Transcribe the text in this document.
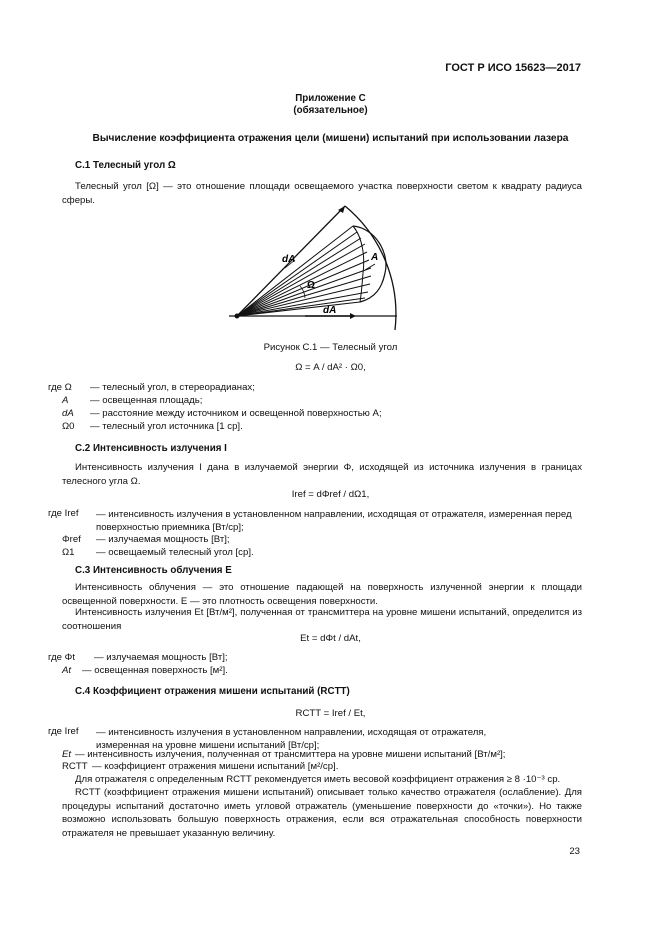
ГОСТ Р ИСО 15623—2017
Приложение С
(обязательное)
Вычисление коэффициента отражения цели (мишени) испытаний при использовании лазера
С.1 Телесный угол Ω

Телесный угол [Ω] — это отношение площади освещаемого участка поверхности светом к квадрату радиуса сферы.

dA	A
Ω
dA
Рисунок С.1 — Телесный угол
Ω = A / dA² · Ω0,
где Ω — телесный угол, в стереорадианах;
A — освещенная площадь;
dA — расстояние между источником и освещенной поверхностью A;
Ω0 — телесный угол источника [1 ср].
С.2 Интенсивность излучения I

Интенсивность излучения I дана в излучаемой энергии Φ, исходящей из источника излучения в границах телесного угла Ω.

Iref = dΦref / dΩ1,
где Iref — интенсивность излучения в установленном направлении, исходящая от отражателя, измеренная перед поверхностью приемника [Вт/ср];

Φref — излучаемая мощность [Вт];
Ω1 — освещаемый телесный угол [ср].
С.3 Интенсивность облучения E

Интенсивность облучения — это отношение падающей на поверхность излученной энергии к площади освещенной поверхности. E — это плотность освещения поверхности.

Интенсивность излучения Et [Вт/м²], полученная от трансмиттера на уровне мишени испытаний, определится из соотношения

Et = dΦt / dAt,
где Φt — излучаемая мощность [Вт];
At — освещенная поверхность [м²].
С.4 Коэффициент отражения мишени испытаний (RCTT)
RCTT = Iref / Et,
где Iref — интенсивность излучения в установленном направлении, исходящая от отражателя, измеренная на уровне мишени испытаний [Вт/ср];

Et — интенсивность излучения, полученная от трансмиттера на уровне мишени испытаний [Вт/м²];
RCTT — коэффициент отражения мишени испытаний [м²/ср].

Для отражателя с определенным RCTT рекомендуется иметь весовой коэффициент отражения ≥ 8 ·10⁻³ ср.

RCTT (коэффициент отражения мишени испытаний) описывает только качество отражателя (ослабление). Для процедуры испытаний достаточно иметь угловой отражатель (уменьшение поверхности до «точки»). Но также возможно использовать большую поверхность отражения, если вся отражательная способность поверхности отражателя не превышает указанную величину.

23
